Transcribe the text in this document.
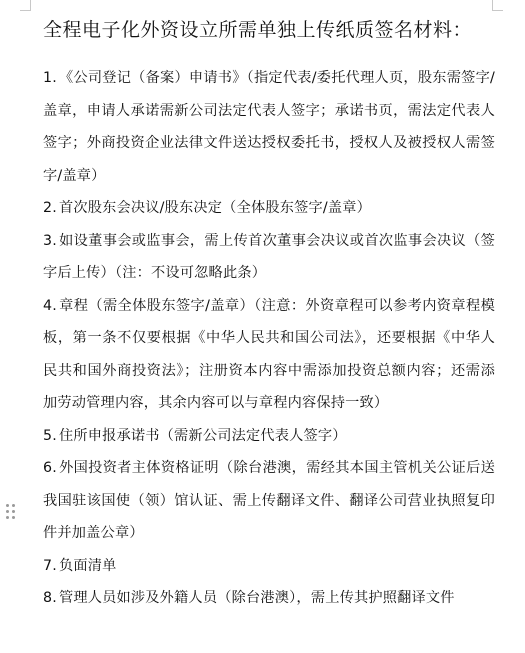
全程电子化外资设立所需单独上传纸质签名材料：
1. 《公司登记（备案）申请书》（指定代表/委托代理人页，股东需签字/盖章，申请人承诺需新公司法定代表人签字；承诺书页，需法定代表人签字；外商投资企业法律文件送达授权委托书，授权人及被授权人需签字/盖章）
2. 首次股东会决议/股东决定（全体股东签字/盖章）
3. 如设董事会或监事会，需上传首次董事会决议或首次监事会决议（签字后上传）（注：不设可忽略此条）
4. 章程（需全体股东签字/盖章）（注意：外资章程可以参考内资章程模板，第一条不仅要根据《中华人民共和国公司法》，还要根据《中华人民共和国外商投资法》；注册资本内容中需添加投资总额内容；还需添加劳动管理内容，其余内容可以与章程内容保持一致）
5. 住所申报承诺书（需新公司法定代表人签字）
6. 外国投资者主体资格证明（除台港澳，需经其本国主管机关公证后送我国驻该国使（领）馆认证、需上传翻译文件、翻译公司营业执照复印件并加盖公章）
7. 负面清单
8. 管理人员如涉及外籍人员（除台港澳），需上传其护照翻译文件
